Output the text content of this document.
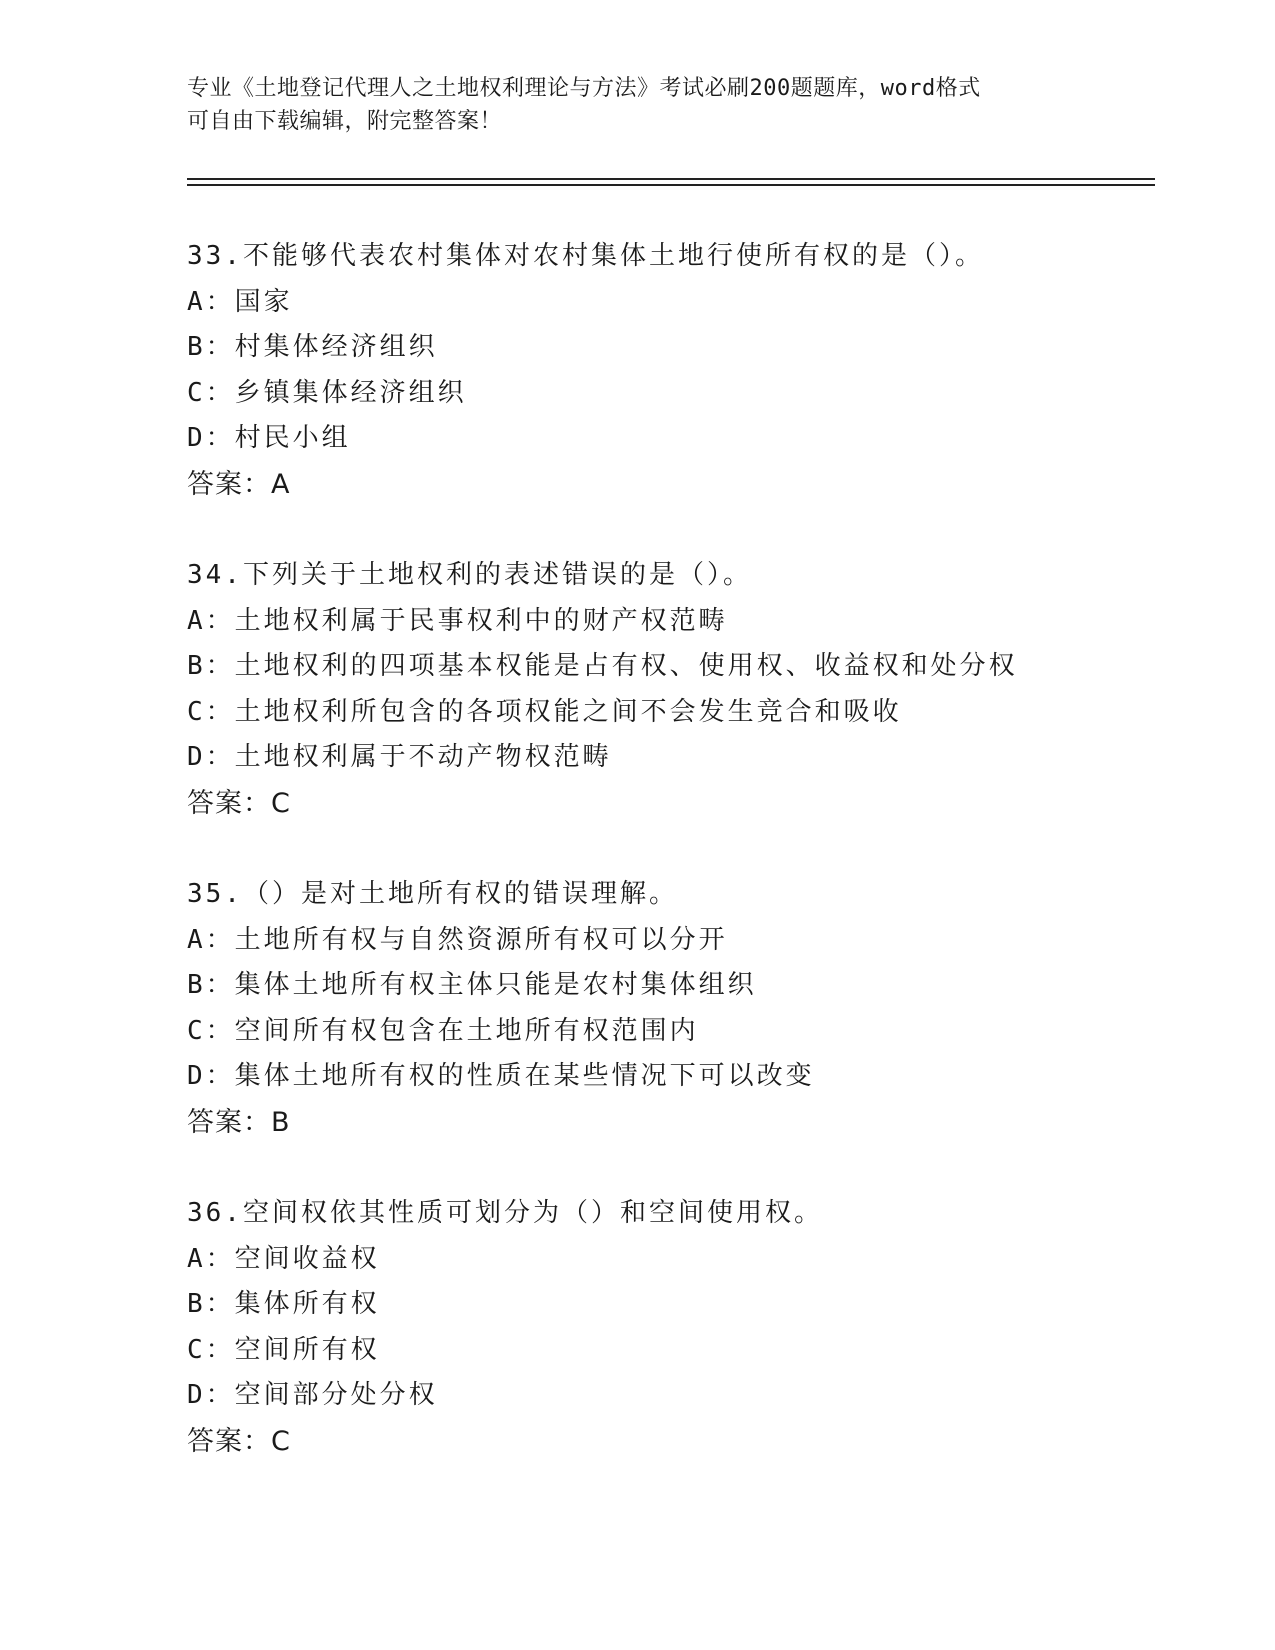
专业《土地登记代理人之土地权利理论与方法》考试必刷200题题库，word格式
可自由下载编辑，附完整答案！
33.不能够代表农村集体对农村集体土地行使所有权的是（）。
A：国家
B：村集体经济组织
C：乡镇集体经济组织
D：村民小组
答案：A
34.下列关于土地权利的表述错误的是（）。
A：土地权利属于民事权利中的财产权范畴
B：土地权利的四项基本权能是占有权、使用权、收益权和处分权
C：土地权利所包含的各项权能之间不会发生竞合和吸收
D：土地权利属于不动产物权范畴
答案：C
35.（）是对土地所有权的错误理解。
A：土地所有权与自然资源所有权可以分开
B：集体土地所有权主体只能是农村集体组织
C：空间所有权包含在土地所有权范围内
D：集体土地所有权的性质在某些情况下可以改变
答案：B
36.空间权依其性质可划分为（）和空间使用权。
A：空间收益权
B：集体所有权
C：空间所有权
D：空间部分处分权
答案：C
